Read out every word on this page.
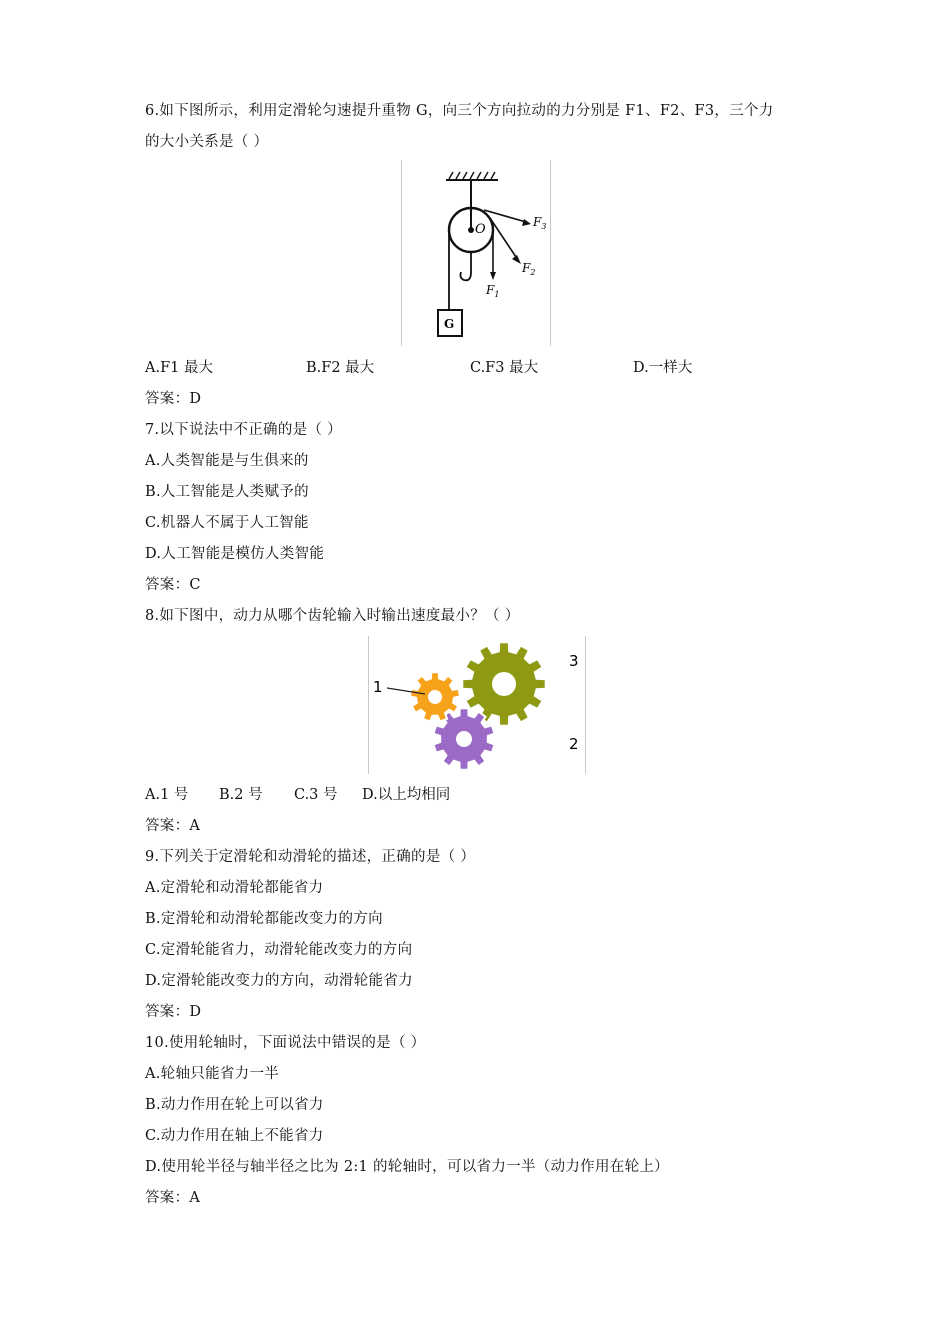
6.如下图所示，利用定滑轮匀速提升重物 G，向三个方向拉动的力分别是 F1、F2、F3，三个力
的大小关系是（ ）
O
G
$F_1$
$F_2$
$F_3$
A.F1 最大	B.F2 最大	C.F3 最大	D.一样大
答案：D
7.以下说法中不正确的是（ ）
A.人类智能是与生俱来的
B.人工智能是人类赋予的
C.机器人不属于人工智能
D.人工智能是模仿人类智能
答案：C
8.如下图中，动力从哪个齿轮输入时输出速度最小？（ ）
1
3
2
A.1 号 B.2 号 C.3 号 D.以上均相同
答案：A
9.下列关于定滑轮和动滑轮的描述，正确的是（ ）
A.定滑轮和动滑轮都能省力
B.定滑轮和动滑轮都能改变力的方向
C.定滑轮能省力，动滑轮能改变力的方向
D.定滑轮能改变力的方向，动滑轮能省力
答案：D
10.使用轮轴时，下面说法中错误的是（ ）
A.轮轴只能省力一半
B.动力作用在轮上可以省力
C.动力作用在轴上不能省力
D.使用轮半径与轴半径之比为 2:1 的轮轴时，可以省力一半（动力作用在轮上）
答案：A
